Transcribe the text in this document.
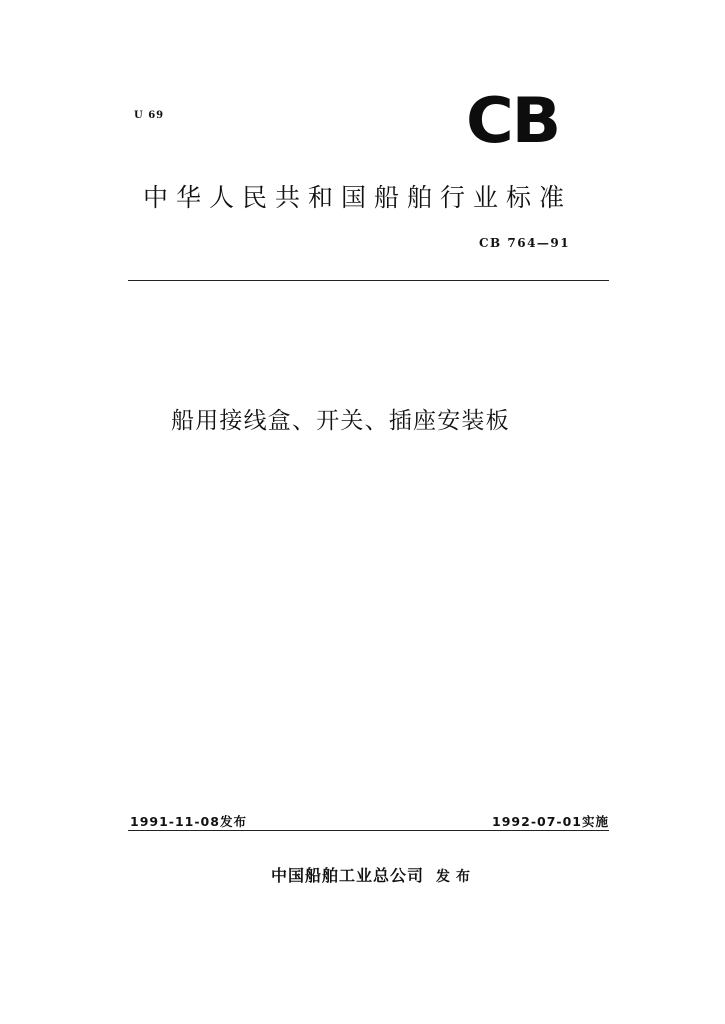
U 69	CB
中华人民共和国船舶行业标准
CB 764—91
船用接线盒、开关、插座安装板
1991-11-08发布	1992-07-01实施
中国船舶工业总公司 发布
